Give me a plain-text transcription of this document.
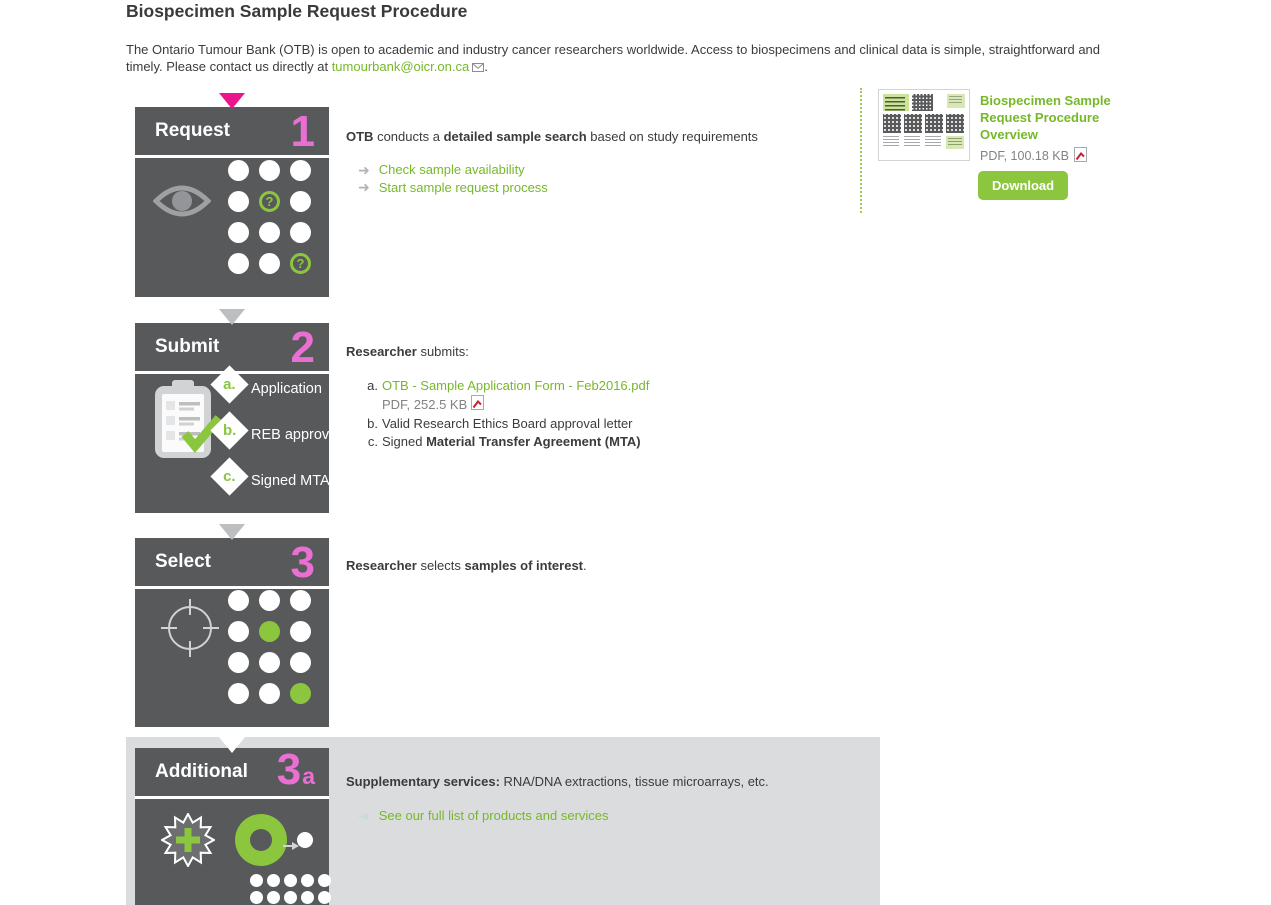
Biospecimen Sample Request Procedure

The Ontario Tumour Bank (OTB) is open to academic and industry cancer researchers worldwide. Access to biospecimens and clinical data is simple, straightforward and timely. Please contact us directly at tumourbank@oicr.on.ca .

Request 1
?
?
OTB conducts a detailed sample search based on study requirements
➜ Check sample availability
➜ Start sample request process
Biospecimen Sample Request Procedure Overview
PDF, 100.18 KB
Download
Submit 2
a. Application
b. REB approval
c. Signed MTA
Researcher submits:
a. OTB - Sample Application Form - Feb2016.pdf
PDF, 252.5 KB
b. Valid Research Ethics Board approval letter
c. Signed Material Transfer Agreement (MTA)
Select 3 Researcher selects samples of interest.
Additional 3a Supplementary services: RNA/DNA extractions, tissue microarrays, etc.
➜ See our full list of products and services
